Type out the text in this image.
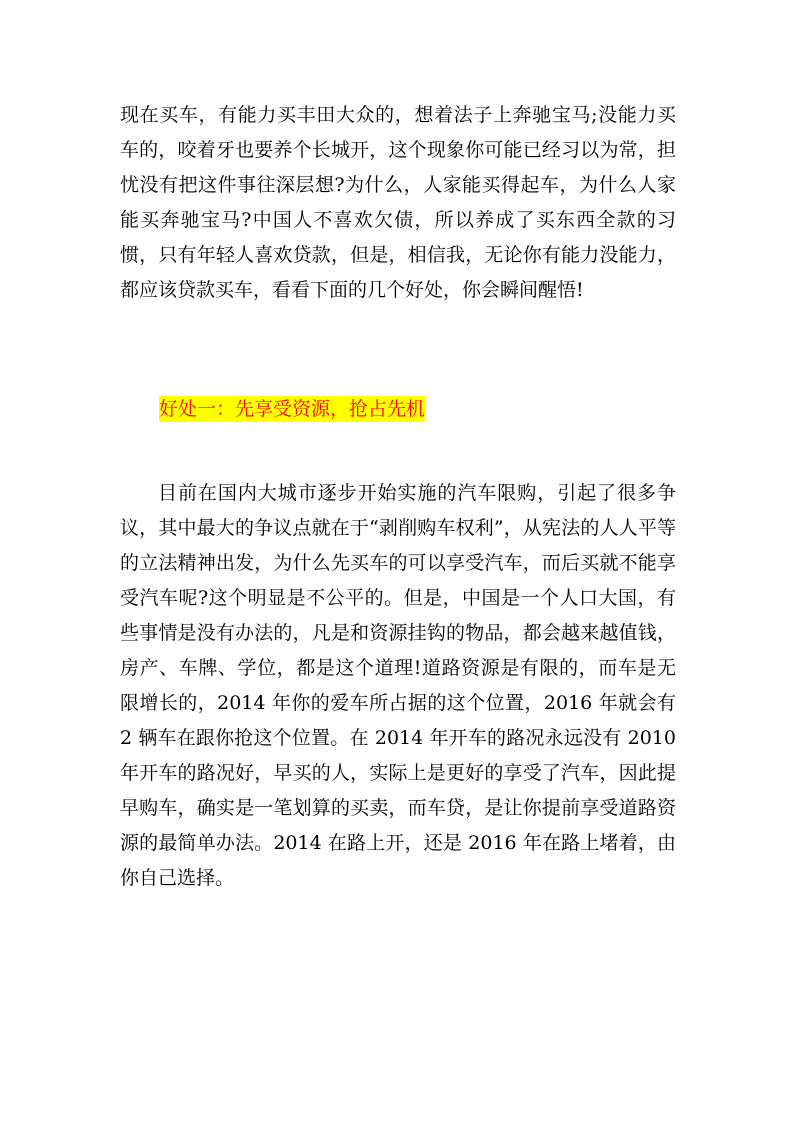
现在买车，有能力买丰田大众的，想着法子上奔驰宝马;没能力买车的，咬着牙也要养个长城开，这个现象你可能已经习以为常，担忧没有把这件事往深层想?为什么，人家能买得起车，为什么人家能买奔驰宝马?中国人不喜欢欠债，所以养成了买东西全款的习惯，只有年轻人喜欢贷款，但是，相信我，无论你有能力没能力，都应该贷款买车，看看下面的几个好处，你会瞬间醒悟!

好处一：先享受资源，抢占先机

目前在国内大城市逐步开始实施的汽车限购，引起了很多争议，其中最大的争议点就在于“剥削购车权利”，从宪法的人人平等的立法精神出发，为什么先买车的可以享受汽车，而后买就不能享受汽车呢?这个明显是不公平的。但是，中国是一个人口大国，有些事情是没有办法的，凡是和资源挂钩的物品，都会越来越值钱，房产、车牌、学位，都是这个道理!道路资源是有限的，而车是无限增长的，2014 年你的爱车所占据的这个位置，2016 年就会有 2 辆车在跟你抢这个位置。在 2014 年开车的路况永远没有 2010 年开车的路况好，早买的人，实际上是更好的享受了汽车，因此提早购车，确实是一笔划算的买卖，而车贷，是让你提前享受道路资源的最简单办法。2014 在路上开，还是 2016 年在路上堵着，由你自己选择。
